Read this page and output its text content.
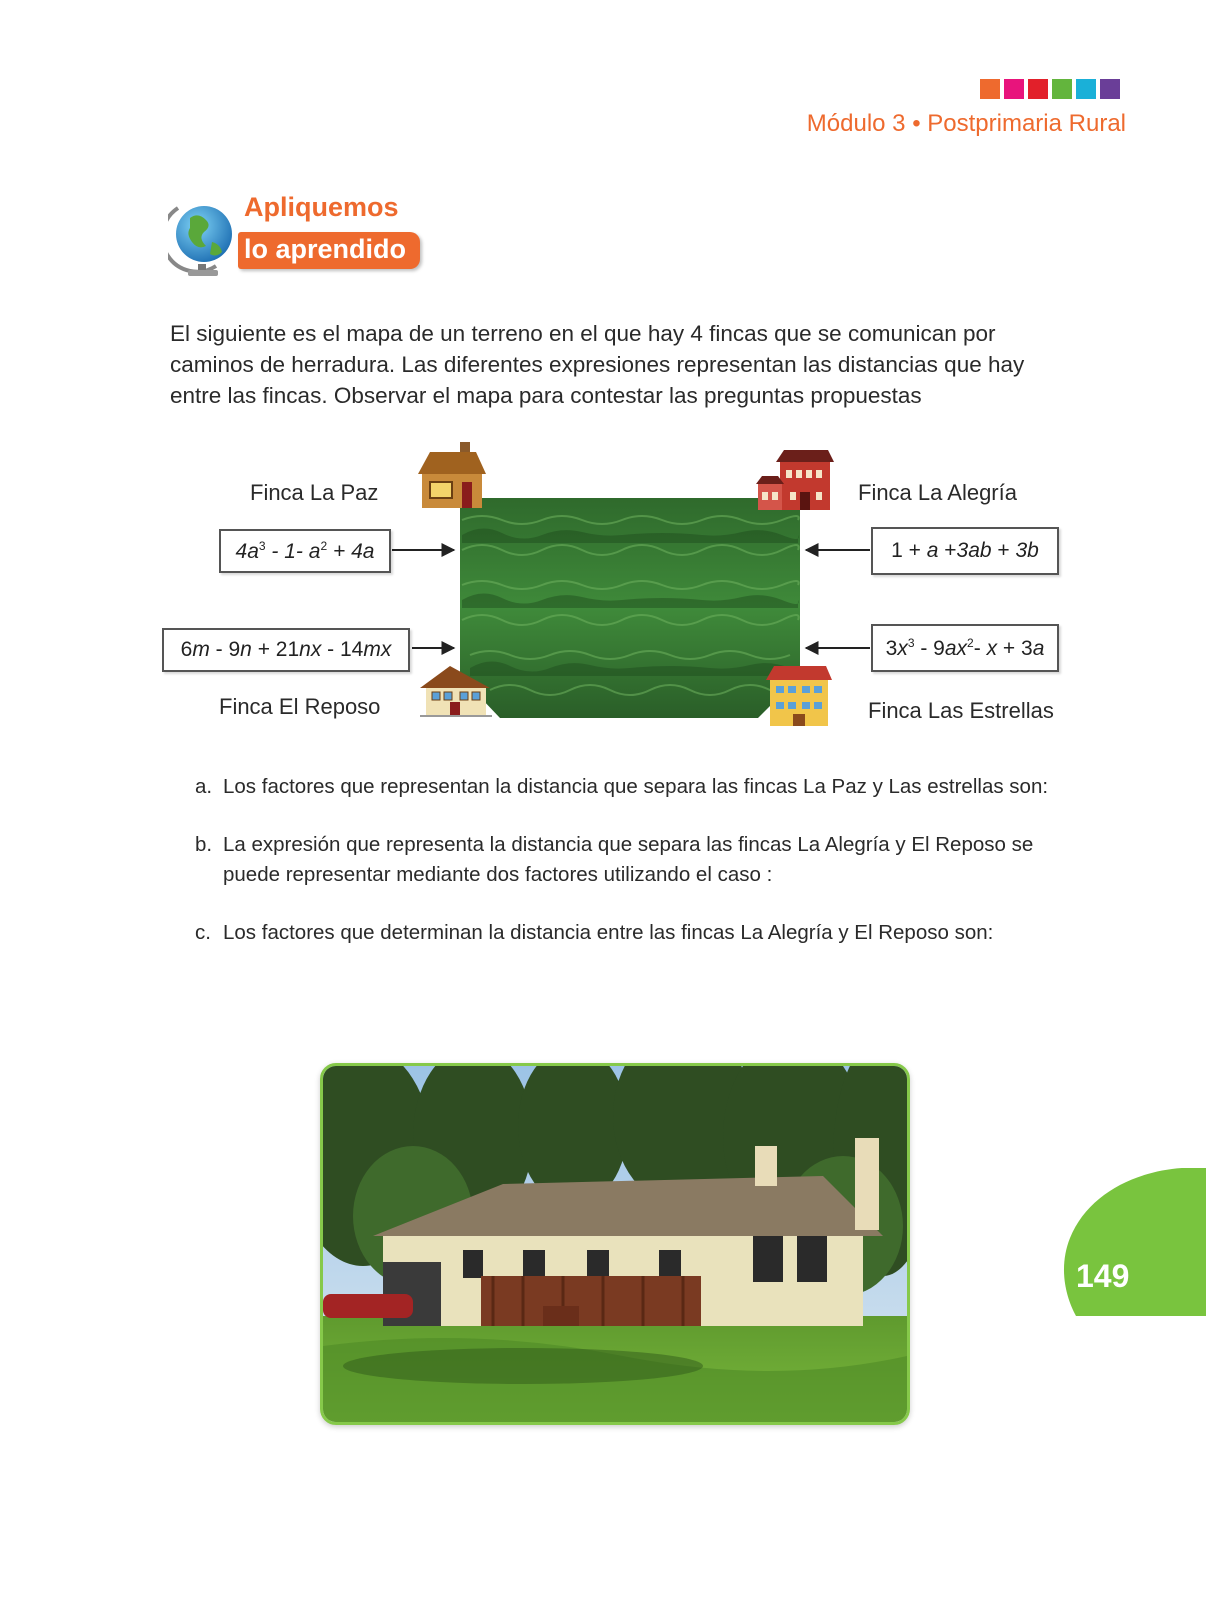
Módulo 3 • Postprimaria Rural
Apliquemos
lo aprendido
El siguiente es el mapa de un terreno en el que hay 4 fincas que se comunican por caminos de herradura. Las diferentes expresiones representan las distancias que hay entre las fincas. Observar el mapa para contestar las preguntas propuestas
Finca La Paz	Finca La Alegría
Finca El Reposo	Finca Las Estrellas
$4a^3 - 1-$ $a^2 + 4a$	1 + a +3ab + 3b
6m - 9n + 21nx - 14mx	$3x^3 - 9ax^2-$ x + 3a
a. Los factores que representan la distancia que separa las fincas La Paz y Las estrellas son:
b. La expresión que representa la distancia que separa las fincas La Alegría y El Reposo se puede representar mediante dos factores utilizando el caso :
c. Los factores que determinan la distancia entre las fincas La Alegría y El Reposo son:
149
